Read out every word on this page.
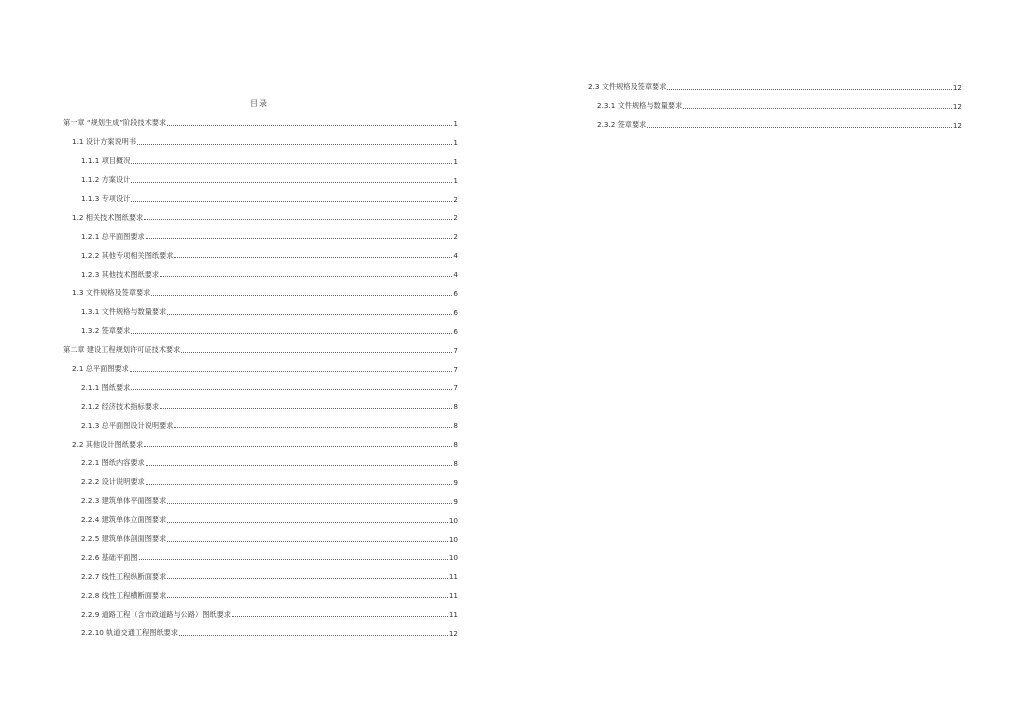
目录
第一章 “规划生成”阶段技术要求	1
1.1 设计方案说明书	1
1.1.1 项目概况	1
1.1.2 方案设计	1
1.1.3 专项设计	2
1.2 相关技术图纸要求	2
1.2.1 总平面图要求	2
1.2.2 其他专项相关图纸要求	4
1.2.3 其他技术图纸要求	4
1.3 文件规格及签章要求	6
1.3.1 文件规格与数量要求	6
1.3.2 签章要求	6
第二章 建设工程规划许可证技术要求	7
2.1 总平面图要求	7
2.1.1 图纸要求	7
2.1.2 经济技术指标要求	8
2.1.3 总平面图设计说明要求	8
2.2 其他设计图纸要求	8
2.2.1 图纸内容要求	8
2.2.2 设计说明要求	9
2.2.3 建筑单体平面图要求	9
2.2.4 建筑单体立面图要求	10
2.2.5 建筑单体剖面图要求	10
2.2.6 基础平面图	10
2.2.7 线性工程纵断面要求	11
2.2.8 线性工程横断面要求	11
2.2.9 道路工程（含市政道路与公路）图纸要求	11
2.2.10 轨道交通工程图纸要求	12
2.3 文件规格及签章要求	12
2.3.1 文件规格与数量要求	12
2.3.2 签章要求	12
